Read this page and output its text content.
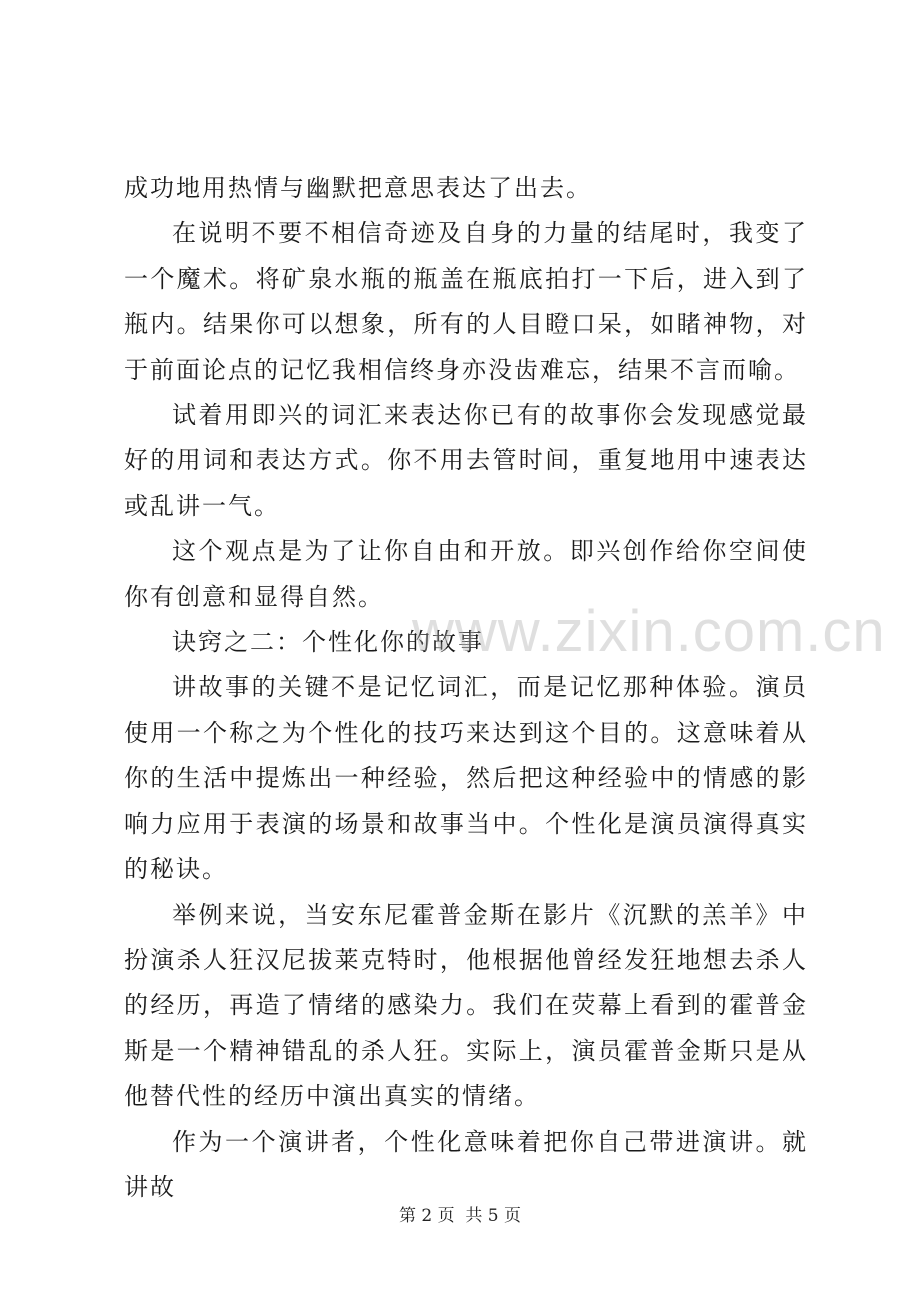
成功地用热情与幽默把意思表达了出去。

在说明不要不相信奇迹及自身的力量的结尾时，我变了一个魔术。将矿泉水瓶的瓶盖在瓶底拍打一下后，进入到了瓶内。结果你可以想象，所有的人目瞪口呆，如睹神物，对于前面论点的记忆我相信终身亦没齿难忘，结果不言而喻。

试着用即兴的词汇来表达你已有的故事你会发现感觉最好的用词和表达方式。你不用去管时间，重复地用中速表达或乱讲一气。

这个观点是为了让你自由和开放。即兴创作给你空间使你有创意和显得自然。

诀窍之二：个性化你的故事

讲故事的关键不是记忆词汇，而是记忆那种体验。演员使用一个称之为个性化的技巧来达到这个目的。这意味着从你的生活中提炼出一种经验，然后把这种经验中的情感的影响力应用于表演的场景和故事当中。个性化是演员演得真实的秘诀。

举例来说，当安东尼霍普金斯在影片《沉默的羔羊》中扮演杀人狂汉尼拔莱克特时，他根据他曾经发狂地想去杀人的经历，再造了情绪的感染力。我们在荧幕上看到的霍普金斯是一个精神错乱的杀人狂。实际上，演员霍普金斯只是从他替代性的经历中演出真实的情绪。

作为一个演讲者，个性化意味着把你自己带进演讲。就讲故

www.zixin.com.cn
第 2 页  共 5 页
